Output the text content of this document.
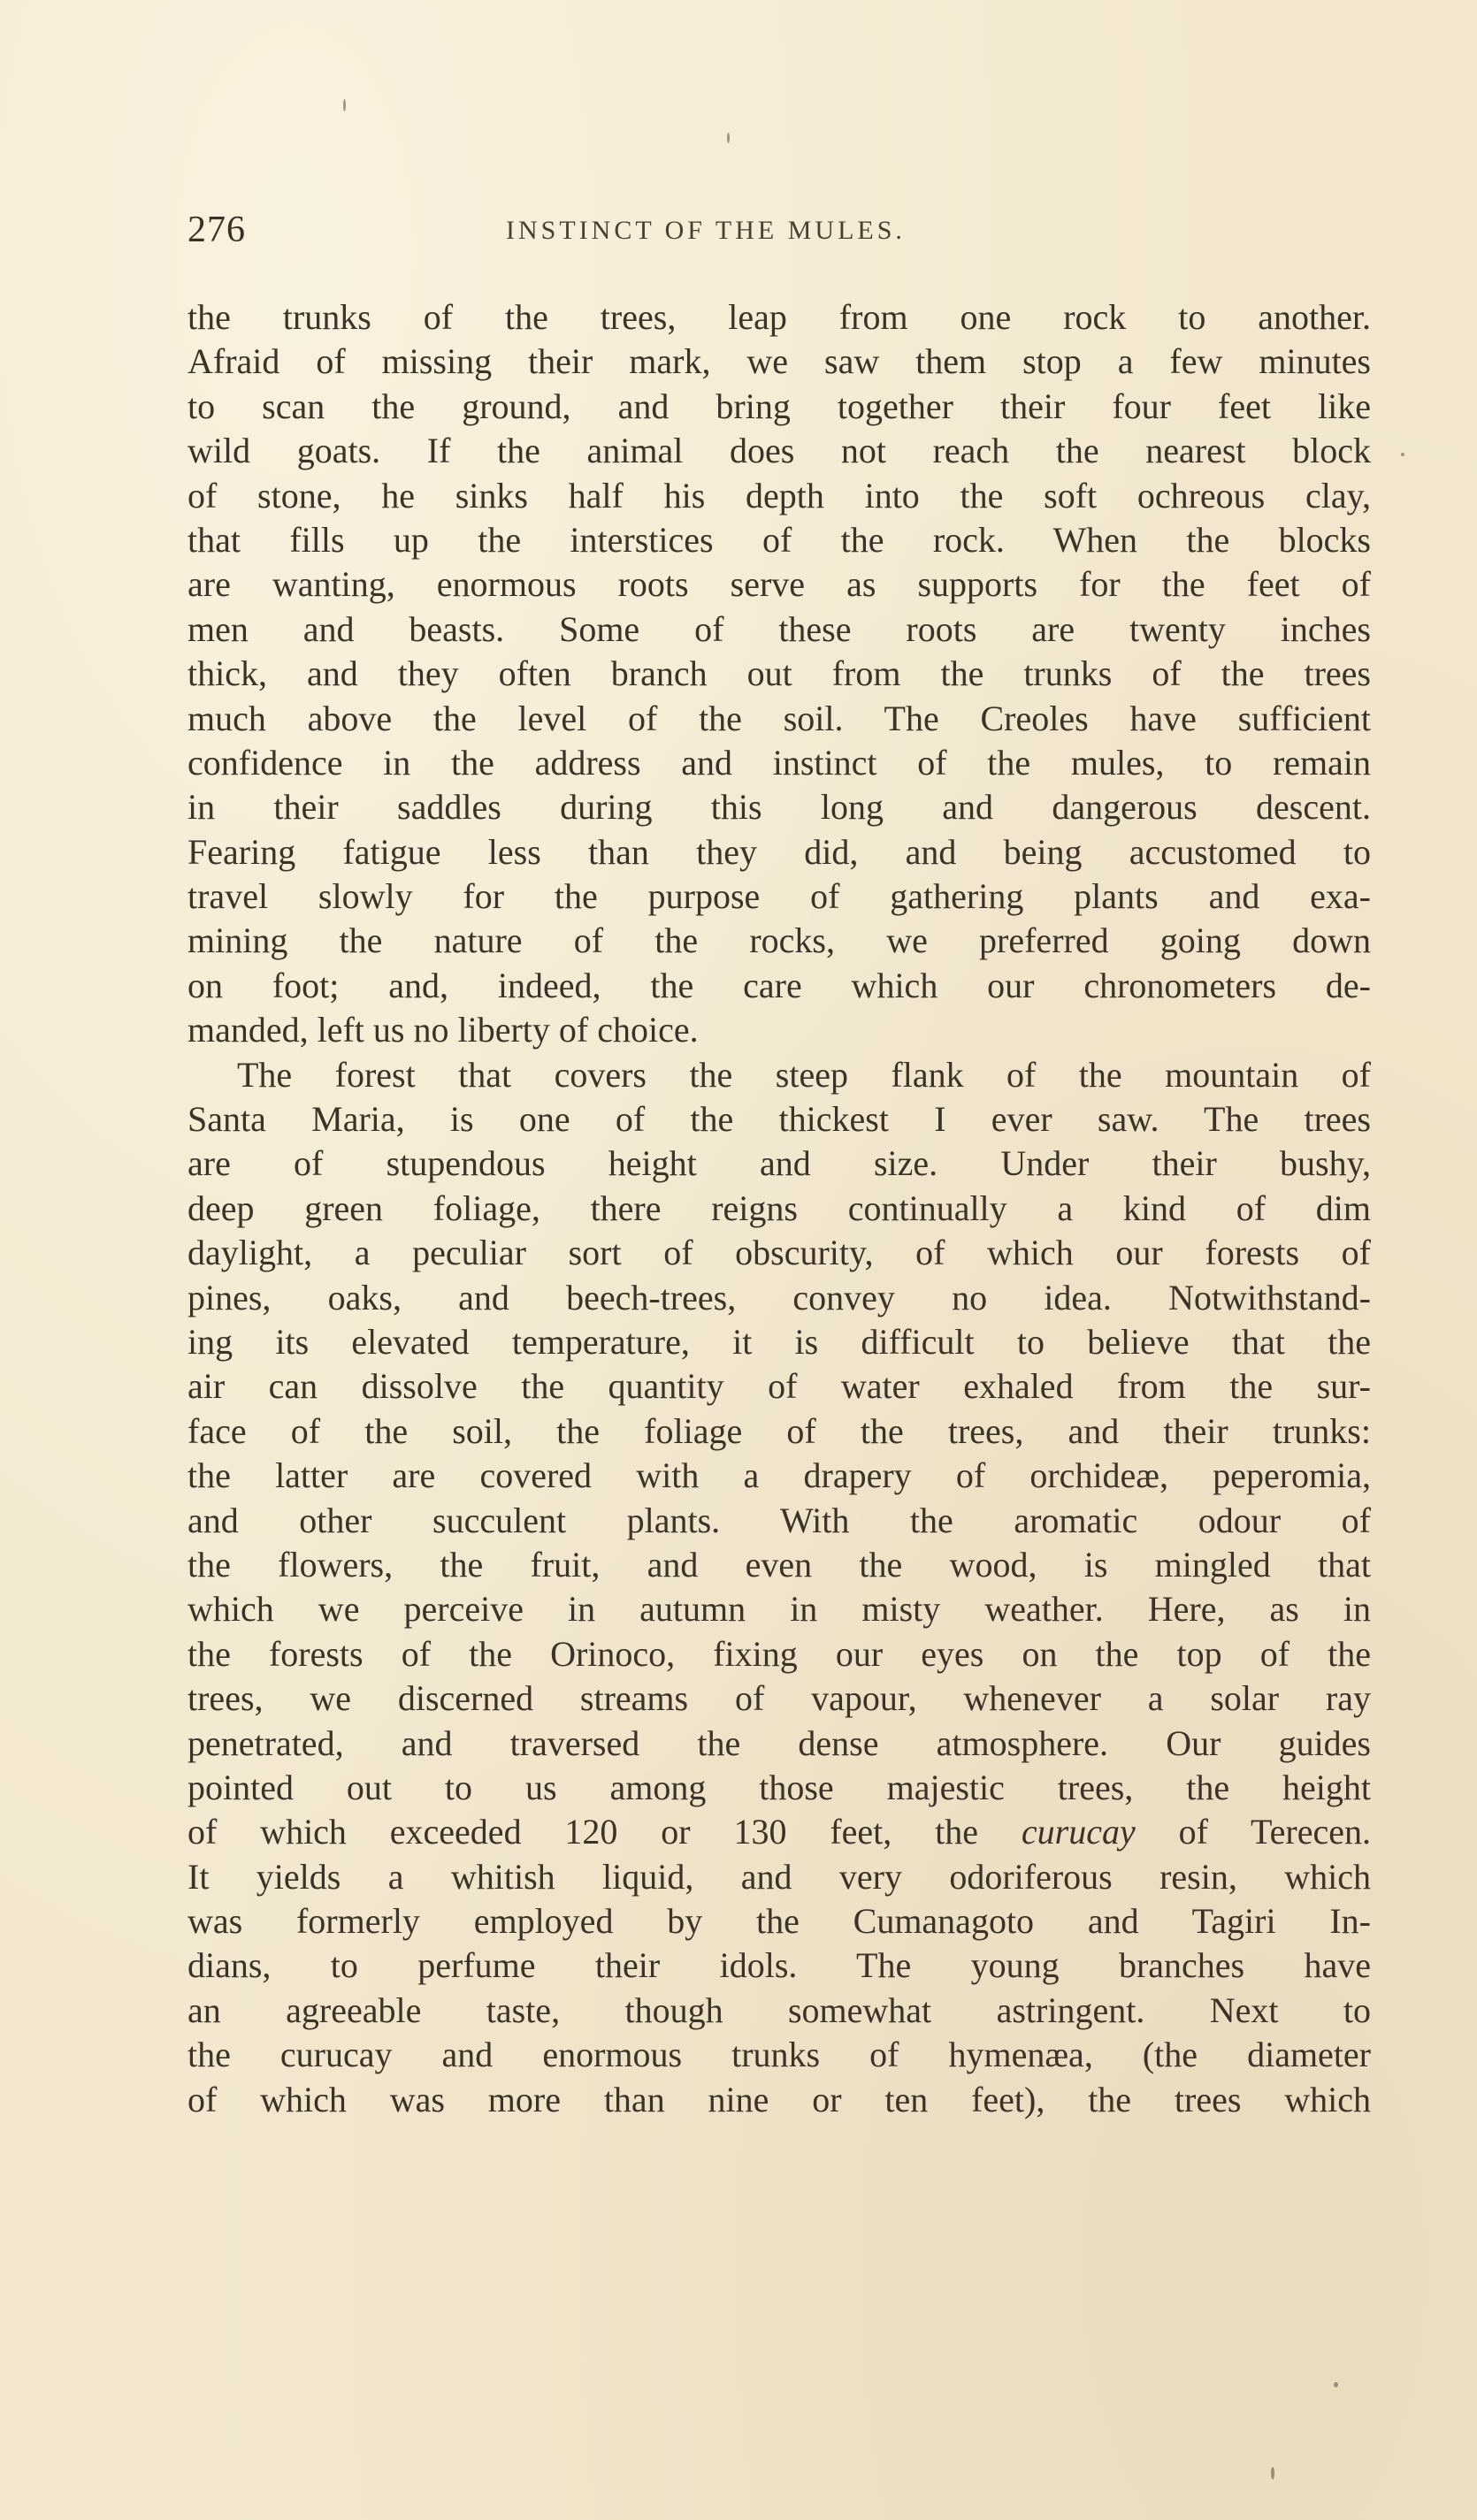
276	INSTINCT OF THE MULES.
the trunks of the trees, leap from one rock to another.
Afraid of missing their mark, we saw them stop a few minutes
to scan the ground, and bring together their four feet like
wild goats. If the animal does not reach the nearest block
of stone, he sinks half his depth into the soft ochreous clay,
that fills up the interstices of the rock. When the blocks
are wanting, enormous roots serve as supports for the feet of
men and beasts. Some of these roots are twenty inches
thick, and they often branch out from the trunks of the trees
much above the level of the soil. The Creoles have sufficient
confidence in the address and instinct of the mules, to remain
in their saddles during this long and dangerous descent.
Fearing fatigue less than they did, and being accustomed to
travel slowly for the purpose of gathering plants and exa-
mining the nature of the rocks, we preferred going down
on foot; and, indeed, the care which our chronometers de-
manded, left us no liberty of choice.
The forest that covers the steep flank of the mountain of
Santa Maria, is one of the thickest I ever saw. The trees
are of stupendous height and size. Under their bushy,
deep green foliage, there reigns continually a kind of dim
daylight, a peculiar sort of obscurity, of which our forests of
pines, oaks, and beech-trees, convey no idea. Notwithstand-
ing its elevated temperature, it is difficult to believe that the
air can dissolve the quantity of water exhaled from the sur-
face of the soil, the foliage of the trees, and their trunks:
the latter are covered with a drapery of orchideæ, peperomia,
and other succulent plants. With the aromatic odour of
the flowers, the fruit, and even the wood, is mingled that
which we perceive in autumn in misty weather. Here, as in
the forests of the Orinoco, fixing our eyes on the top of the
trees, we discerned streams of vapour, whenever a solar ray
penetrated, and traversed the dense atmosphere. Our guides
pointed out to us among those majestic trees, the height
of which exceeded 120 or 130 feet, the curucay of Terecen.
It yields a whitish liquid, and very odoriferous resin, which
was formerly employed by the Cumanagoto and Tagiri In-
dians, to perfume their idols. The young branches have
an agreeable taste, though somewhat astringent. Next to
the curucay and enormous trunks of hymenæa, (the diameter
of which was more than nine or ten feet), the trees which
